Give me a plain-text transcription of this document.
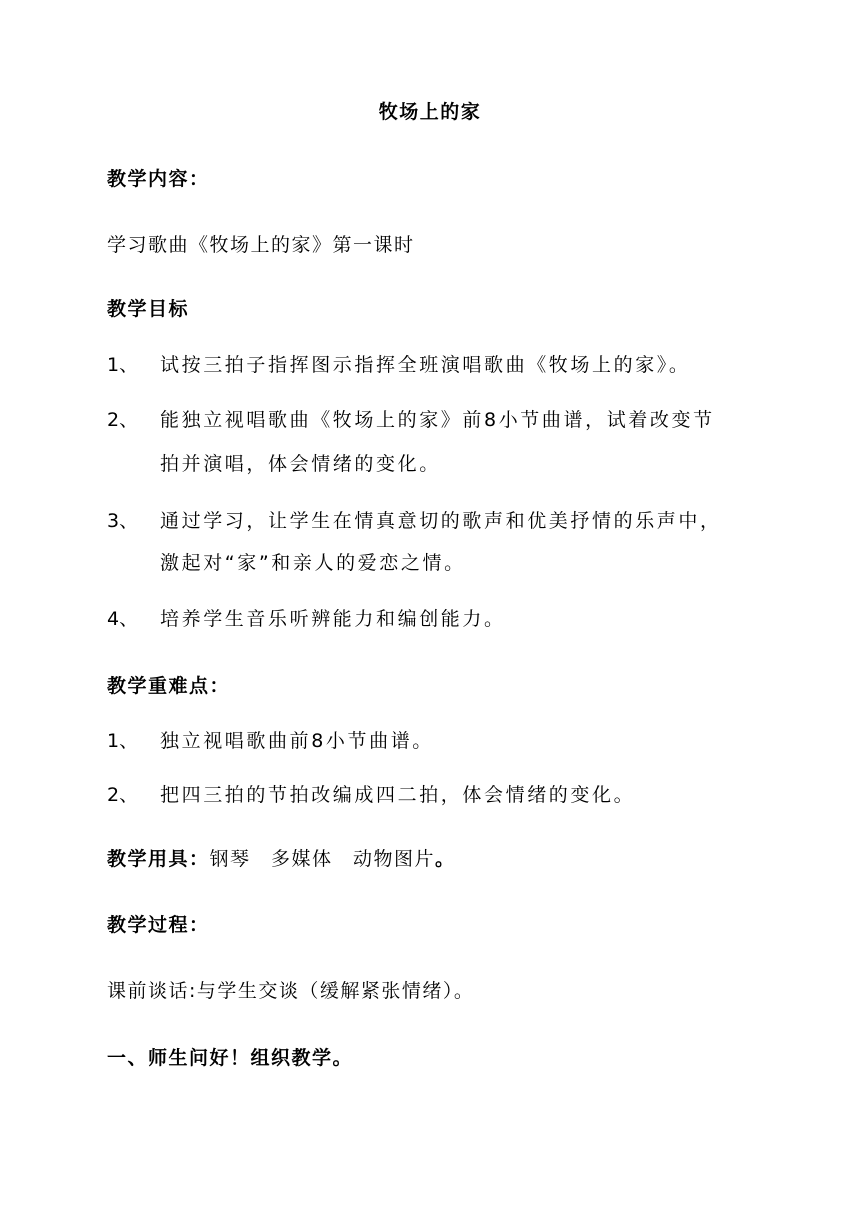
牧场上的家
教学内容：
学习歌曲《牧场上的家》第一课时
教学目标
1、 试按三拍子指挥图示指挥全班演唱歌曲《牧场上的家》。
2、 能独立视唱歌曲《牧场上的家》前8小节曲谱，试着改变节
拍并演唱，体会情绪的变化。
3、 通过学习，让学生在情真意切的歌声和优美抒情的乐声中，
激起对“家”和亲人的爱恋之情。
4、 培养学生音乐听辨能力和编创能力。
教学重难点：
1、 独立视唱歌曲前8小节曲谱。
2、 把四三拍的节拍改编成四二拍，体会情绪的变化。
教学用具：钢琴　多媒体　动物图片。
教学过程：
课前谈话:与学生交谈（缓解紧张情绪）。
一、师生问好！组织教学。
